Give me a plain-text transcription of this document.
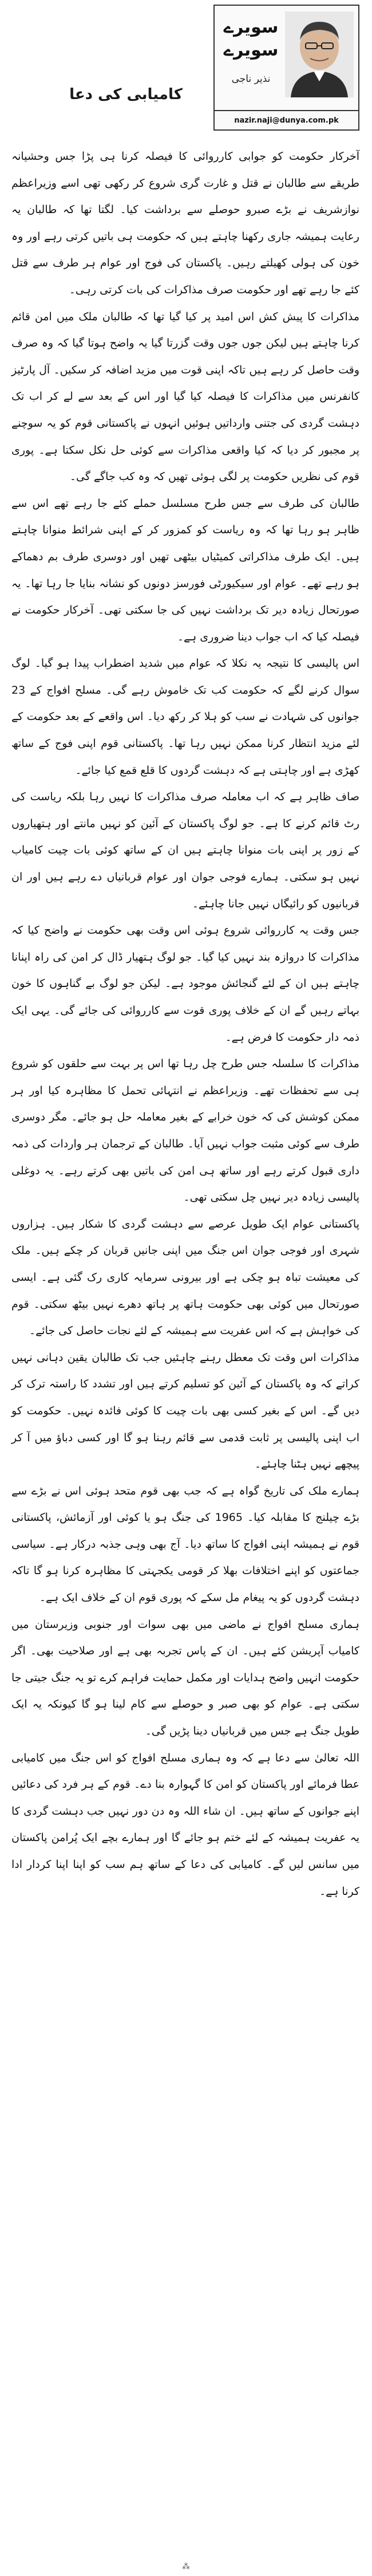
کامیابی کی دعا
سویرے سویرے
نذیر ناجی
nazir.naji@dunya.com.pk

آخرکار حکومت کو جوابی کارروائی کا فیصلہ کرنا ہی پڑا جس وحشیانہ طریقے سے طالبان نے قتل و غارت گری شروع کر رکھی تھی اسے وزیراعظم نوازشریف نے بڑے صبرو حوصلے سے برداشت کیا۔ لگتا تھا کہ طالبان یہ رعایت ہمیشہ جاری رکھنا چاہتے ہیں کہ حکومت ہی باتیں کرتی رہے اور وہ خون کی ہولی کھیلتے رہیں۔ پاکستان کی فوج اور عوام ہر طرف سے قتل کئے جا رہے تھے اور حکومت صرف مذاکرات کی بات کرتی رہی۔

مذاکرات کا پیش کش اس امید پر کیا گیا تھا کہ طالبان ملک میں امن قائم کرنا چاہتے ہیں لیکن جوں جوں وقت گزرتا گیا یہ واضح ہوتا گیا کہ وہ صرف وقت حاصل کر رہے ہیں تاکہ اپنی قوت میں مزید اضافہ کر سکیں۔ آل پارٹیز کانفرنس میں مذاکرات کا فیصلہ کیا گیا اور اس کے بعد سے لے کر اب تک دہشت گردی کی جتنی وارداتیں ہوئیں انہوں نے پاکستانی قوم کو یہ سوچنے پر مجبور کر دیا کہ کیا واقعی مذاکرات سے کوئی حل نکل سکتا ہے۔ پوری قوم کی نظریں حکومت پر لگی ہوئی تھیں کہ وہ کب جاگے گی۔

طالبان کی طرف سے جس طرح مسلسل حملے کئے جا رہے تھے اس سے ظاہر ہو رہا تھا کہ وہ ریاست کو کمزور کر کے اپنی شرائط منوانا چاہتے ہیں۔ ایک طرف مذاکراتی کمیٹیاں بیٹھی تھیں اور دوسری طرف بم دھماکے ہو رہے تھے۔ عوام اور سیکیورٹی فورسز دونوں کو نشانہ بنایا جا رہا تھا۔ یہ صورتحال زیادہ دیر تک برداشت نہیں کی جا سکتی تھی۔ آخرکار حکومت نے فیصلہ کیا کہ اب جواب دینا ضروری ہے۔

اس پالیسی کا نتیجہ یہ نکلا کہ عوام میں شدید اضطراب پیدا ہو گیا۔ لوگ سوال کرنے لگے کہ حکومت کب تک خاموش رہے گی۔ مسلح افواج کے 23 جوانوں کی شہادت نے سب کو ہلا کر رکھ دیا۔ اس واقعے کے بعد حکومت کے لئے مزید انتظار کرنا ممکن نہیں رہا تھا۔ پاکستانی قوم اپنی فوج کے ساتھ کھڑی ہے اور چاہتی ہے کہ دہشت گردوں کا قلع قمع کیا جائے۔

صاف ظاہر ہے کہ اب معاملہ صرف مذاکرات کا نہیں رہا بلکہ ریاست کی رٹ قائم کرنے کا ہے۔ جو لوگ پاکستان کے آئین کو نہیں مانتے اور ہتھیاروں کے زور پر اپنی بات منوانا چاہتے ہیں ان کے ساتھ کوئی بات چیت کامیاب نہیں ہو سکتی۔ ہمارے فوجی جوان اور عوام قربانیاں دے رہے ہیں اور ان قربانیوں کو رائیگاں نہیں جانا چاہئے۔

جس وقت یہ کارروائی شروع ہوئی اس وقت بھی حکومت نے واضح کیا کہ مذاکرات کا دروازہ بند نہیں کیا گیا۔ جو لوگ ہتھیار ڈال کر امن کی راہ اپنانا چاہتے ہیں ان کے لئے گنجائش موجود ہے۔ لیکن جو لوگ بے گناہوں کا خون بہاتے رہیں گے ان کے خلاف پوری قوت سے کارروائی کی جائے گی۔ یہی ایک ذمہ دار حکومت کا فرض ہے۔

مذاکرات کا سلسلہ جس طرح چل رہا تھا اس پر بہت سے حلقوں کو شروع ہی سے تحفظات تھے۔ وزیراعظم نے انتہائی تحمل کا مظاہرہ کیا اور ہر ممکن کوشش کی کہ خون خرابے کے بغیر معاملہ حل ہو جائے۔ مگر دوسری طرف سے کوئی مثبت جواب نہیں آیا۔ طالبان کے ترجمان ہر واردات کی ذمہ داری قبول کرتے رہے اور ساتھ ہی امن کی باتیں بھی کرتے رہے۔ یہ دوغلی پالیسی زیادہ دیر نہیں چل سکتی تھی۔

پاکستانی عوام ایک طویل عرصے سے دہشت گردی کا شکار ہیں۔ ہزاروں شہری اور فوجی جوان اس جنگ میں اپنی جانیں قربان کر چکے ہیں۔ ملک کی معیشت تباہ ہو چکی ہے اور بیرونی سرمایہ کاری رک گئی ہے۔ ایسی صورتحال میں کوئی بھی حکومت ہاتھ پر ہاتھ دھرے نہیں بیٹھ سکتی۔ قوم کی خواہش ہے کہ اس عفریت سے ہمیشہ کے لئے نجات حاصل کی جائے۔

مذاکرات اس وقت تک معطل رہنے چاہئیں جب تک طالبان یقین دہانی نہیں کراتے کہ وہ پاکستان کے آئین کو تسلیم کرتے ہیں اور تشدد کا راستہ ترک کر دیں گے۔ اس کے بغیر کسی بھی بات چیت کا کوئی فائدہ نہیں۔ حکومت کو اب اپنی پالیسی پر ثابت قدمی سے قائم رہنا ہو گا اور کسی دباؤ میں آ کر پیچھے نہیں ہٹنا چاہئے۔

ہمارے ملک کی تاریخ گواہ ہے کہ جب بھی قوم متحد ہوئی اس نے بڑے سے بڑے چیلنج کا مقابلہ کیا۔ 1965 کی جنگ ہو یا کوئی اور آزمائش، پاکستانی قوم نے ہمیشہ اپنی افواج کا ساتھ دیا۔ آج بھی وہی جذبہ درکار ہے۔ سیاسی جماعتوں کو اپنے اختلافات بھلا کر قومی یکجہتی کا مظاہرہ کرنا ہو گا تاکہ دہشت گردوں کو یہ پیغام مل سکے کہ پوری قوم ان کے خلاف ایک ہے۔

ہماری مسلح افواج نے ماضی میں بھی سوات اور جنوبی وزیرستان میں کامیاب آپریشن کئے ہیں۔ ان کے پاس تجربہ بھی ہے اور صلاحیت بھی۔ اگر حکومت انہیں واضح ہدایات اور مکمل حمایت فراہم کرے تو یہ جنگ جیتی جا سکتی ہے۔ عوام کو بھی صبر و حوصلے سے کام لینا ہو گا کیونکہ یہ ایک طویل جنگ ہے جس میں قربانیاں دینا پڑیں گی۔

اللہ تعالیٰ سے دعا ہے کہ وہ ہماری مسلح افواج کو اس جنگ میں کامیابی عطا فرمائے اور پاکستان کو امن کا گہوارہ بنا دے۔ قوم کے ہر فرد کی دعائیں اپنے جوانوں کے ساتھ ہیں۔ ان شاء اللہ وہ دن دور نہیں جب دہشت گردی کا یہ عفریت ہمیشہ کے لئے ختم ہو جائے گا اور ہمارے بچے ایک پُرامن پاکستان میں سانس لیں گے۔ کامیابی کی دعا کے ساتھ ہم سب کو اپنا اپنا کردار ادا کرنا ہے۔

⁂
